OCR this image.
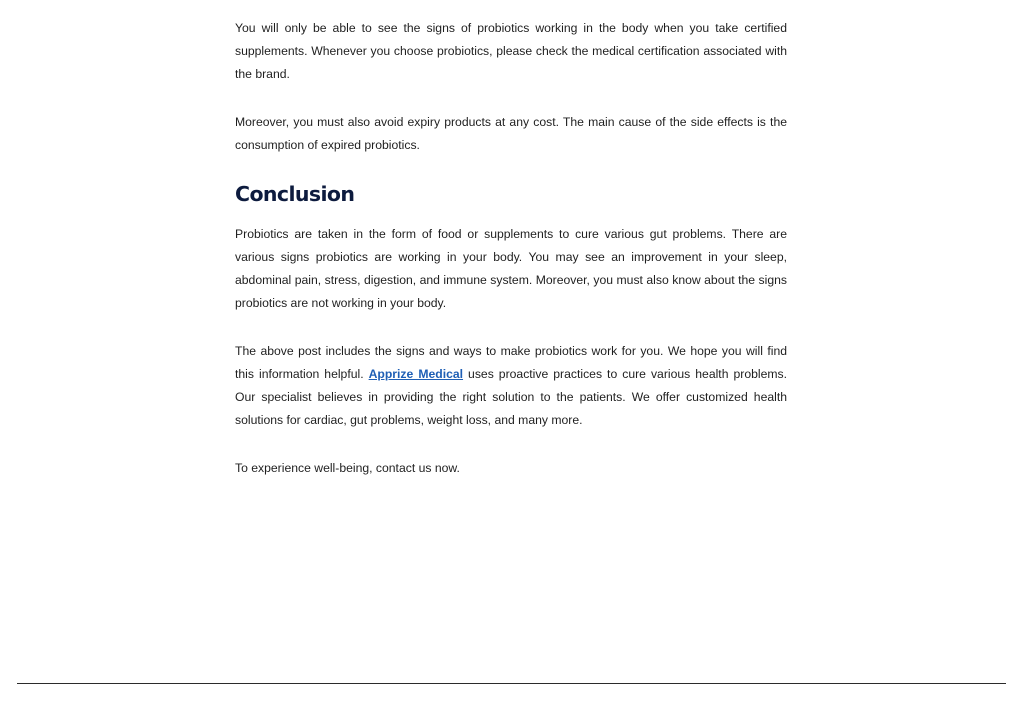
You will only be able to see the signs of probiotics working in the body when you take certified supplements. Whenever you choose probiotics, please check the medical certification associated with the brand.

Moreover, you must also avoid expiry products at any cost. The main cause of the side effects is the consumption of expired probiotics.

Conclusion

Probiotics are taken in the form of food or supplements to cure various gut problems. There are various signs probiotics are working in your body. You may see an improvement in your sleep, abdominal pain, stress, digestion, and immune system. Moreover, you must also know about the signs probiotics are not working in your body.

The above post includes the signs and ways to make probiotics work for you. We hope you will find this information helpful. Apprize Medical uses proactive practices to cure various health problems. Our specialist believes in providing the right solution to the patients. We offer customized health solutions for cardiac, gut problems, weight loss, and many more.

To experience well-being, contact us now.
